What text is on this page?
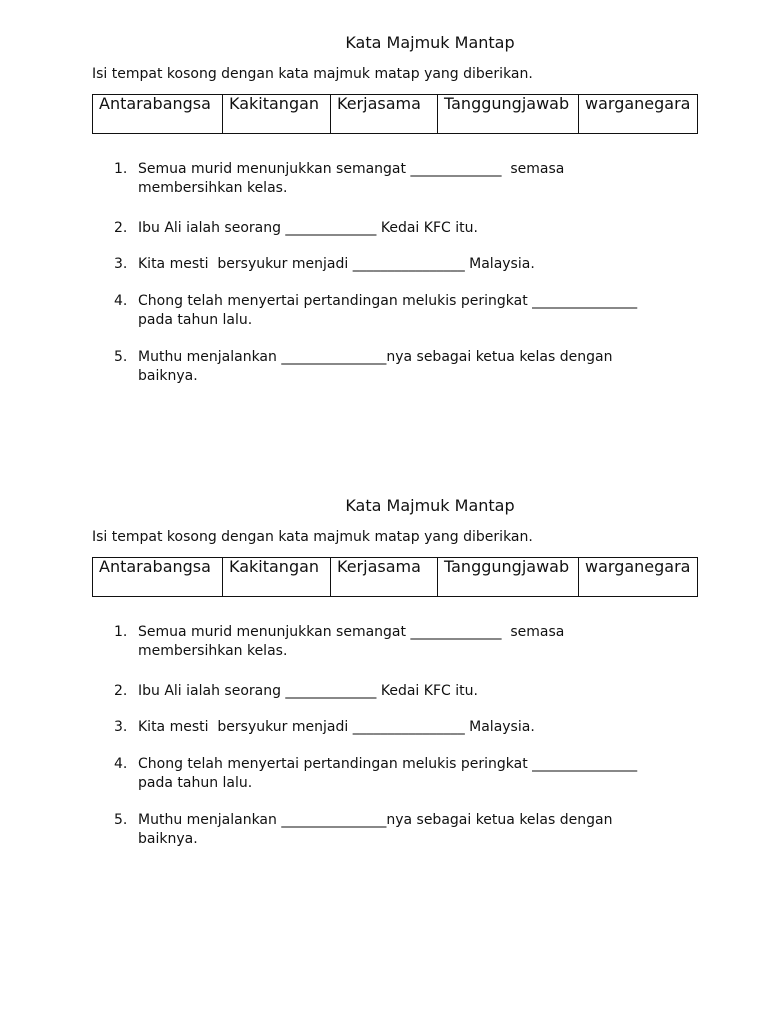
Kata Majmuk Mantap
Isi tempat kosong dengan kata majmuk matap yang diberikan.
Antarabangsa	Kakitangan	Kerjasama	Tanggungjawab	warganegara
1. Semua murid menunjukkan semangat _____________  semasa
membersihkan kelas.
2. Ibu Ali ialah seorang _____________ Kedai KFC itu.
3. Kita mesti  bersyukur menjadi ________________ Malaysia.
4. Chong telah menyertai pertandingan melukis peringkat _______________
pada tahun lalu.
5. Muthu menjalankan _______________nya sebagai ketua kelas dengan
baiknya.
Kata Majmuk Mantap
Isi tempat kosong dengan kata majmuk matap yang diberikan.
Antarabangsa	Kakitangan	Kerjasama	Tanggungjawab	warganegara
1. Semua murid menunjukkan semangat _____________  semasa
membersihkan kelas.
2. Ibu Ali ialah seorang _____________ Kedai KFC itu.
3. Kita mesti  bersyukur menjadi ________________ Malaysia.
4. Chong telah menyertai pertandingan melukis peringkat _______________
pada tahun lalu.
5. Muthu menjalankan _______________nya sebagai ketua kelas dengan
baiknya.
